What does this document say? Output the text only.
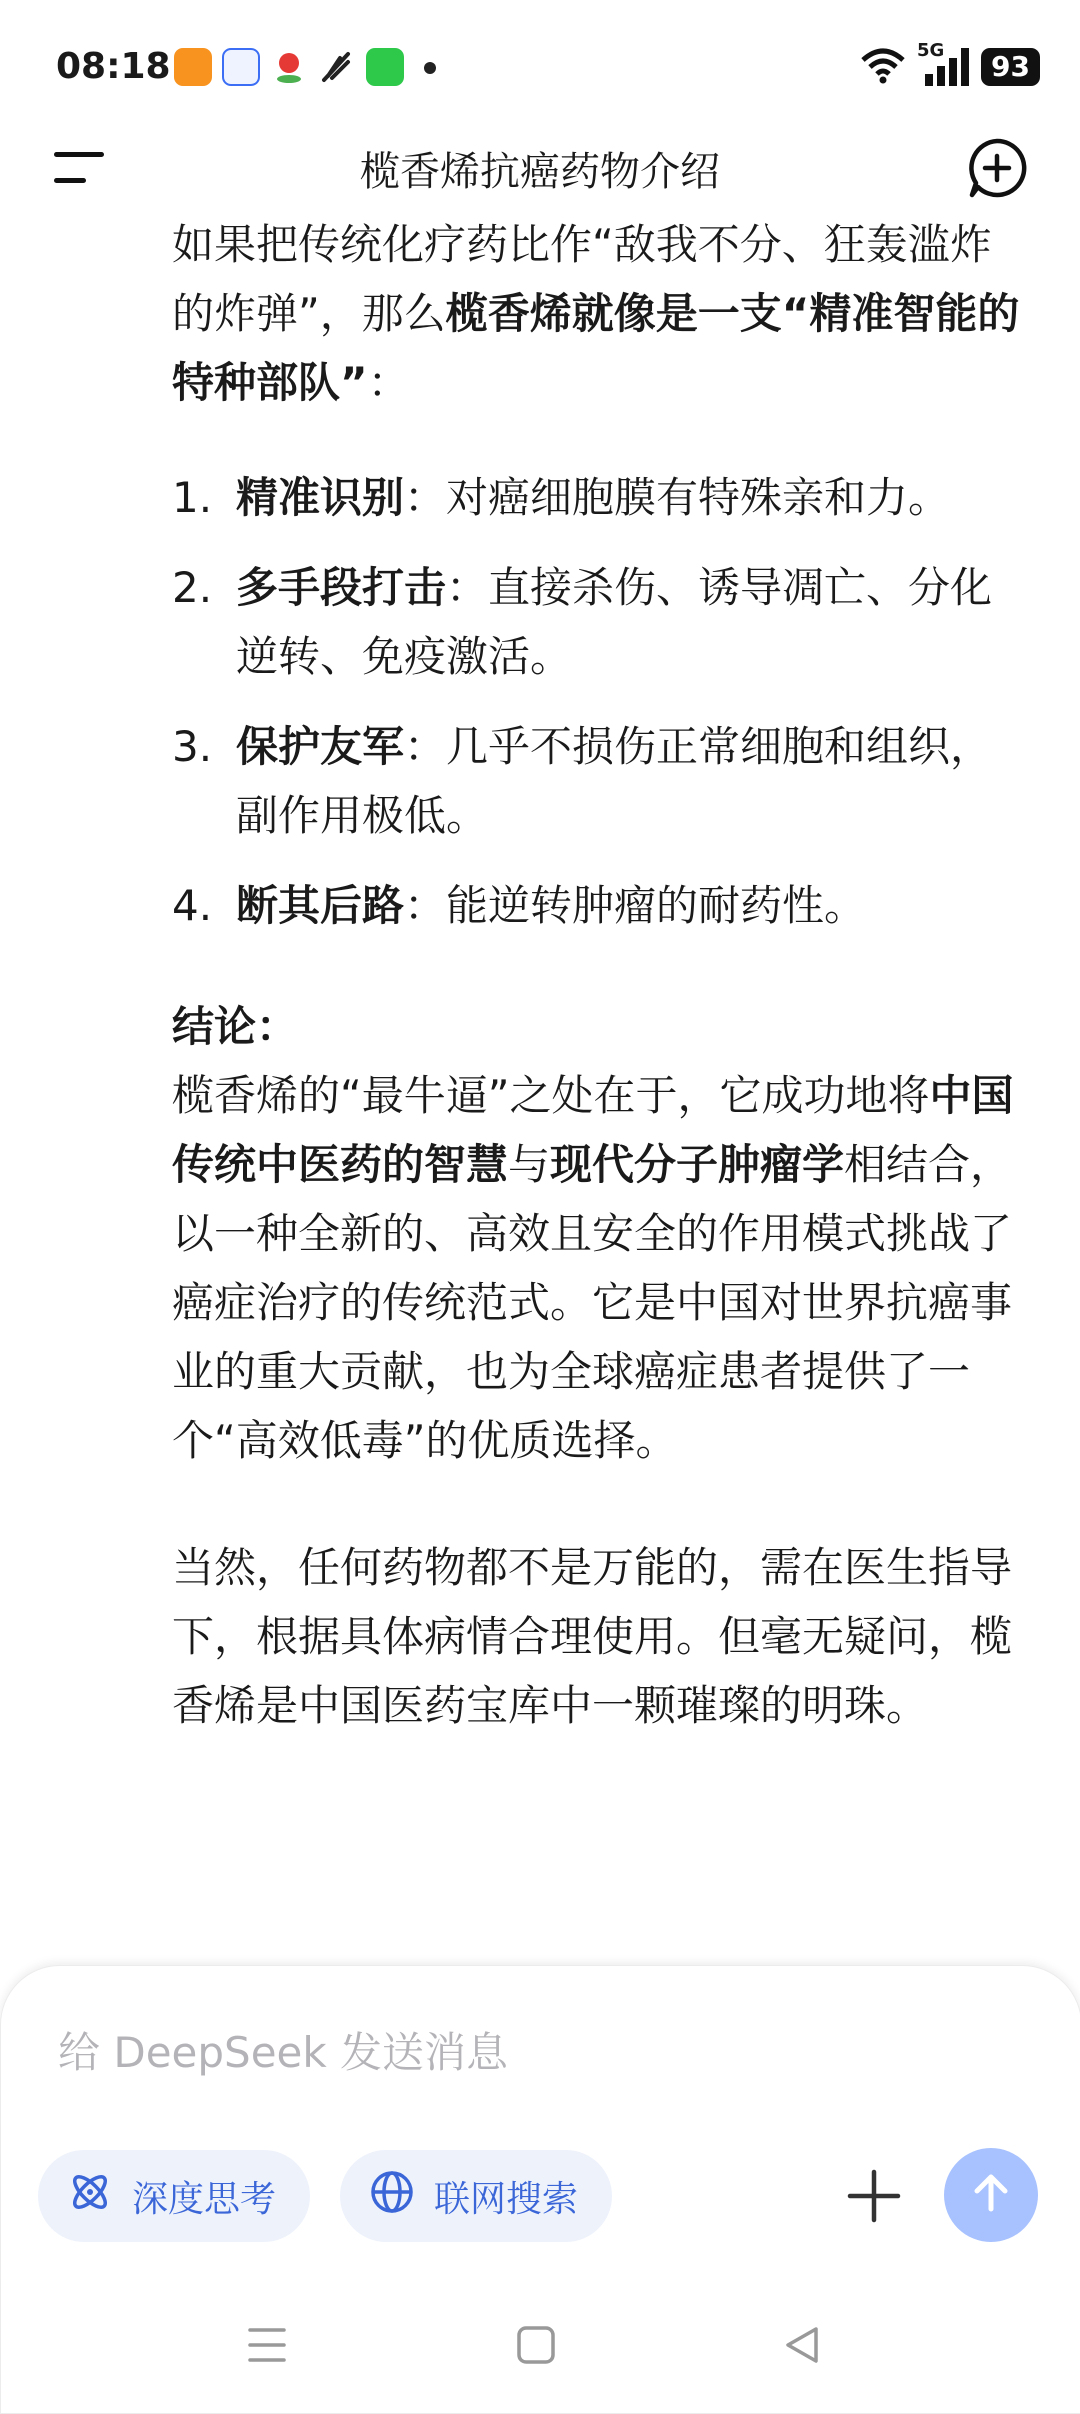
08:18	5G	93
榄香烯抗癌药物介绍

如果把传统化疗药比作“敌我不分、狂轰滥炸的炸弹”，那么榄香烯就像是一支“精准智能的特种部队”：

1. 精准识别：对癌细胞膜有特殊亲和力。
2. 多手段打击：直接杀伤、诱导凋亡、分化逆转、免疫激活。
3. 保护友军：几乎不损伤正常细胞和组织，副作用极低。
4. 断其后路：能逆转肿瘤的耐药性。

结论：

榄香烯的“最牛逼”之处在于，它成功地将中国传统中医药的智慧与现代分子肿瘤学相结合，以一种全新的、高效且安全的作用模式挑战了癌症治疗的传统范式。它是中国对世界抗癌事业的重大贡献，也为全球癌症患者提供了一个“高效低毒”的优质选择。

当然，任何药物都不是万能的，需在医生指导下，根据具体病情合理使用。但毫无疑问，榄香烯是中国医药宝库中一颗璀璨的明珠。

给 DeepSeek 发送消息
深度思考	联网搜索
